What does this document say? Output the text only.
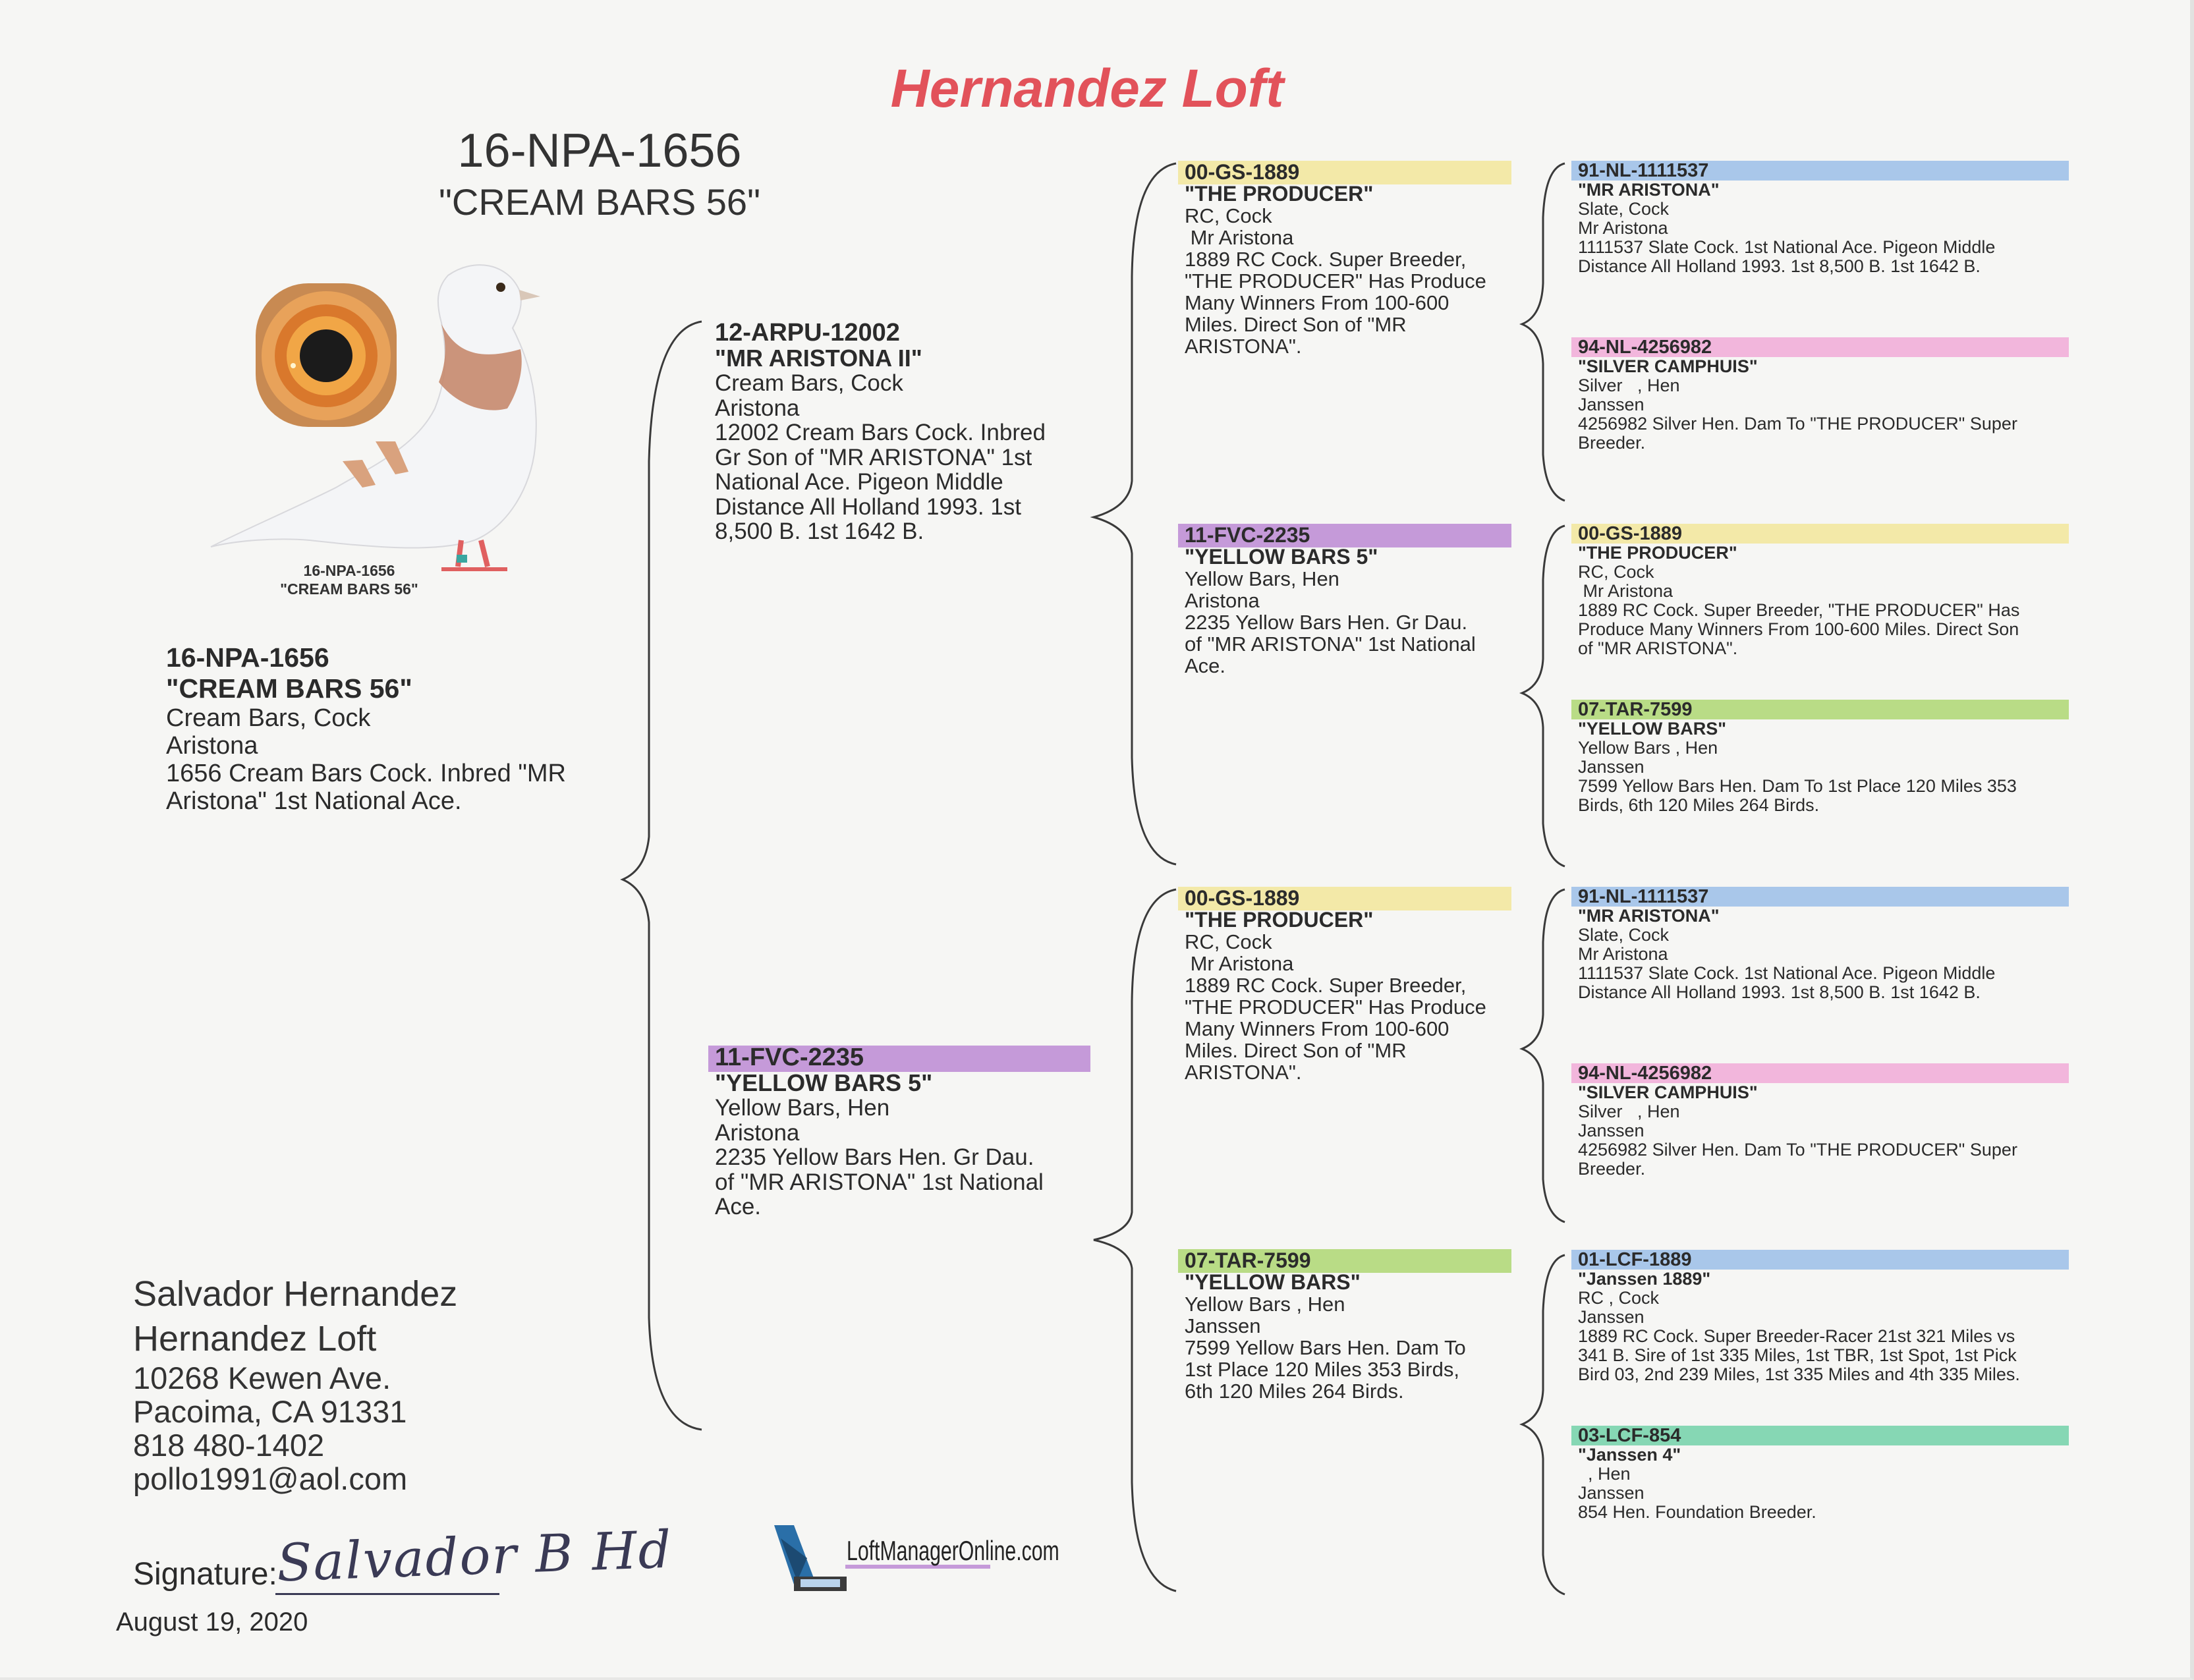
Hernandez Loft
16-NPA-1656
"CREAM BARS 56"
16-NPA-1656
"CREAM BARS 56"
16-NPA-1656
"CREAM BARS 56"
Cream Bars, Cock
Aristona
1656 Cream Bars Cock. Inbred "MR
Aristona" 1st National Ace.
12-ARPU-12002
"MR ARISTONA II"
Cream Bars, Cock
Aristona
12002 Cream Bars Cock. Inbred
Gr Son of "MR ARISTONA" 1st
National Ace. Pigeon Middle
Distance All Holland 1993. 1st
8,500 B. 1st 1642 B.
11-FVC-2235
"YELLOW BARS 5"
Yellow Bars, Hen
Aristona
2235 Yellow Bars Hen. Gr Dau.
of "MR ARISTONA" 1st National
Ace.
00-GS-1889
"THE PRODUCER"
RC, Cock
Mr Aristona
1889 RC Cock. Super Breeder,
"THE PRODUCER" Has Produce
Many Winners From 100-600
Miles. Direct Son of "MR
ARISTONA".
11-FVC-2235
"YELLOW BARS 5"
Yellow Bars, Hen
Aristona
2235 Yellow Bars Hen. Gr Dau.
of "MR ARISTONA" 1st National
Ace.
00-GS-1889
"THE PRODUCER"
RC, Cock
Mr Aristona
1889 RC Cock. Super Breeder,
"THE PRODUCER" Has Produce
Many Winners From 100-600
Miles. Direct Son of "MR
ARISTONA".
07-TAR-7599
"YELLOW BARS"
Yellow Bars , Hen
Janssen
7599 Yellow Bars Hen. Dam To
1st Place 120 Miles 353 Birds,
6th 120 Miles 264 Birds.
91-NL-1111537
"MR ARISTONA"
Slate, Cock
Mr Aristona
1111537 Slate Cock. 1st National Ace. Pigeon Middle
Distance All Holland 1993. 1st 8,500 B. 1st 1642 B.
94-NL-4256982
"SILVER CAMPHUIS"
Silver   , Hen
Janssen
4256982 Silver Hen. Dam To "THE PRODUCER" Super
Breeder.
00-GS-1889
"THE PRODUCER"
RC, Cock
Mr Aristona
1889 RC Cock. Super Breeder, "THE PRODUCER" Has
Produce Many Winners From 100-600 Miles. Direct Son
of "MR ARISTONA".
07-TAR-7599
"YELLOW BARS"
Yellow Bars , Hen
Janssen
7599 Yellow Bars Hen. Dam To 1st Place 120 Miles 353
Birds, 6th 120 Miles 264 Birds.
91-NL-1111537
"MR ARISTONA"
Slate, Cock
Mr Aristona
1111537 Slate Cock. 1st National Ace. Pigeon Middle
Distance All Holland 1993. 1st 8,500 B. 1st 1642 B.
94-NL-4256982
"SILVER CAMPHUIS"
Silver   , Hen
Janssen
4256982 Silver Hen. Dam To "THE PRODUCER" Super
Breeder.
01-LCF-1889
"Janssen 1889"
RC , Cock
Janssen
1889 RC Cock. Super Breeder-Racer 21st 321 Miles vs
341 B. Sire of 1st 335 Miles, 1st TBR, 1st Spot, 1st Pick
Bird 03, 2nd 239 Miles, 1st 335 Miles and 4th 335 Miles.
03-LCF-854
"Janssen 4"
, Hen
Janssen
854 Hen. Foundation Breeder.
Salvador Hernandez
Hernandez Loft
10268 Kewen Ave.
Pacoima, CA 91331
818 480-1402
pollo1991@aol.com
Signature:
Salvador B Hd
August 19, 2020
LoftManagerOnline.com
